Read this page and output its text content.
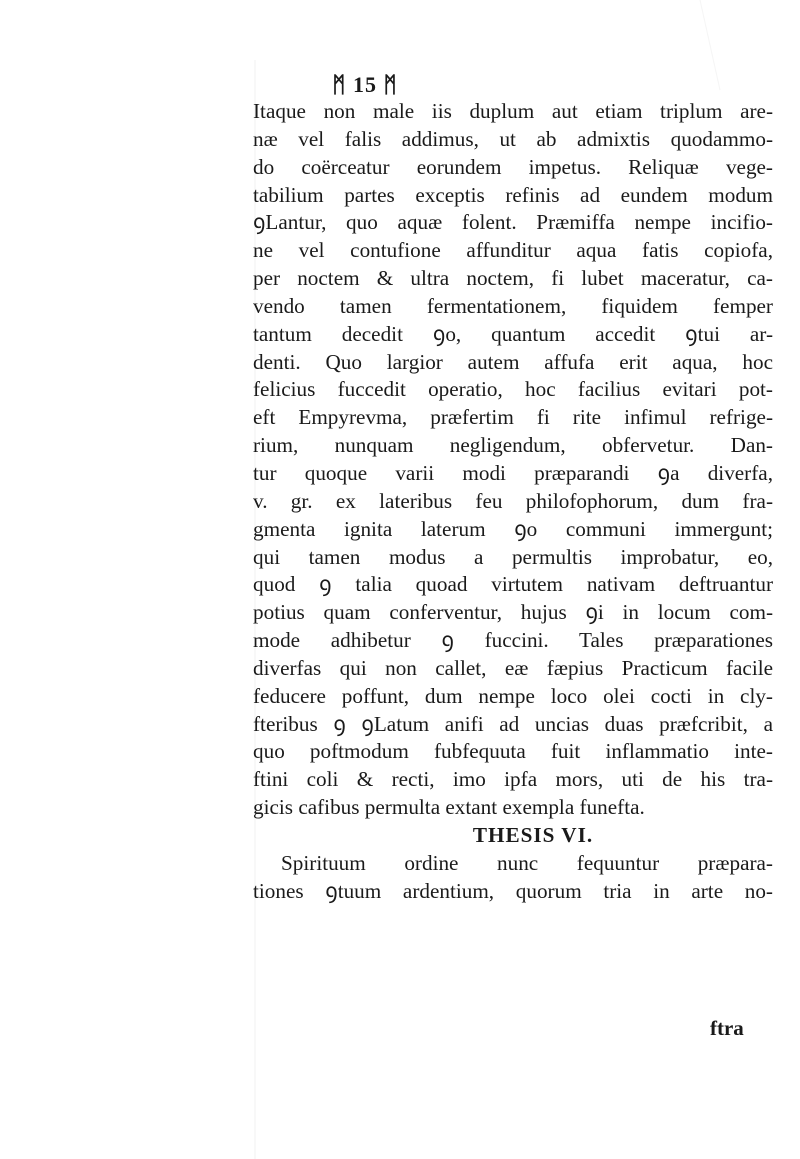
ᛗ 15 ᛗ
Itaque non male iis duplum aut etiam triplum are-
næ vel falis addimus, ut ab admixtis quodammo-
do coërceatur eorundem impetus. Reliquæ vege-
tabilium partes exceptis refinis ad eundem modum
ꝯLantur, quo aquæ folent. Præmiffa nempe incifio-
ne vel contufione affunditur aqua fatis copiofa,
per noctem & ultra noctem, fi lubet maceratur, ca-
vendo tamen fermentationem, fiquidem femper
tantum decedit ꝯo, quantum accedit ꝯtui ar-
denti. Quo largior autem affufa erit aqua, hoc
felicius fuccedit operatio, hoc facilius evitari pot-
eft Empyrevma, præfertim fi rite infimul refrige-
rium, nunquam negligendum, obfervetur. Dan-
tur quoque varii modi præparandi ꝯa diverfa,
v. gr. ex lateribus feu philofophorum, dum fra-
gmenta ignita laterum ꝯo communi immergunt;
qui tamen modus a permultis improbatur, eo,
quod ꝯ talia quoad virtutem nativam deftruantur
potius quam conferventur, hujus ꝯi in locum com-
mode adhibetur ꝯ fuccini. Tales præparationes
diverfas qui non callet, eæ fæpius Practicum facile
feducere poffunt, dum nempe loco olei cocti in cly-
fteribus ꝯ ꝯLatum anifi ad uncias duas præfcribit, a
quo poftmodum fubfequuta fuit inflammatio inte-
ftini coli & recti, imo ipfa mors, uti de his tra-
gicis cafibus permulta extant exempla funefta.
THESIS VI.
Spirituum ordine nunc fequuntur præpara-
tiones ꝯtuum ardentium, quorum tria in arte no-
ftra
